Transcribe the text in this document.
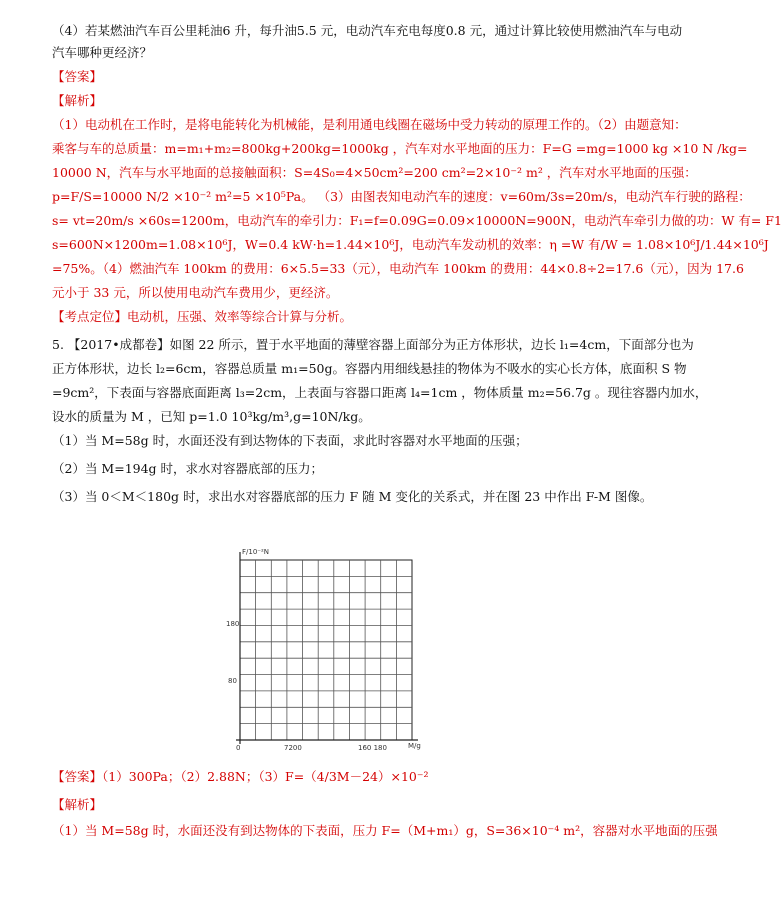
（4）若某燃油汽车百公里耗油6 升，每升油5.5 元，电动汽车充电每度0.8 元，通过计算比较使用燃油汽车与电动
汽车哪种更经济？
【答案】
【解析】
（1）电动机在工作时，是将电能转化为机械能，是利用通电线圈在磁场中受力转动的原理工作的。（2）由题意知：
乘客与车的总质量：m=m₁+m₂=800kg+200kg=1000kg ，汽车对水平地面的压力：F=G =mg=1000 kg ×10 N /kg=
10000 N，汽车与水平地面的总接触面积：S=4S₀=4×50cm²=200 cm²=2×10⁻² m² ，汽车对水平地面的压强：
p=F/S=10000 N/2 ×10⁻² m²=5 ×10⁵Pa。 （3）由图表知电动汽车的速度：v=60m/3s=20m/s，电动汽车行驶的路程：
s= vt=20m/s ×60s=1200m，电动汽车的牵引力：F₁=f=0.09G=0.09×10000N=900N，电动汽车牵引力做的功：W 有= F1
s=600N×1200m=1.08×10⁶J，W=0.4 kW·h=1.44×10⁶J，电动汽车发动机的效率：η =W 有/W = 1.08×10⁶J/1.44×10⁶J
=75%。（4）燃油汽车 100km 的费用：6×5.5=33（元），电动汽车 100km 的费用：44×0.8÷2=17.6（元），因为 17.6
元小于 33 元，所以使用电动汽车费用少，更经济。
【考点定位】电动机，压强、效率等综合计算与分析。
5. 【2017•成都卷】如图 22 所示，置于水平地面的薄壁容器上面部分为正方体形状，边长 l₁=4cm，下面部分也为
正方体形状，边长 l₂=6cm，容器总质量 m₁=50g。容器内用细线悬挂的物体为不吸水的实心长方体，底面积 S 物
=9cm²，下表面与容器底面距离 l₃=2cm，上表面与容器口距离 l₄=1cm ，物体质量 m₂=56.7g 。现往容器内加水，
设水的质量为 M ，已知 p=1.0 10³kg/m³,g=10N/kg。
（1）当 M=58g 时，水面还没有到达物体的下表面，求此时容器对水平地面的压强；
（2）当 M=194g 时，求水对容器底部的压力；
（3）当 0＜M＜180g 时，求出水对容器底部的压力 F 随 M 变化的关系式，并在图 23 中作出 F-M 图像。
F/10⁻²N
M/g
180
80
0	7200	160 180
【答案】（1）300Pa；（2）2.88N；（3）F=（4/3M－24）×10⁻²
【解析】
（1）当 M=58g 时，水面还没有到达物体的下表面，压力 F=（M+m₁）g，S=36×10⁻⁴ m²，容器对水平地面的压强
